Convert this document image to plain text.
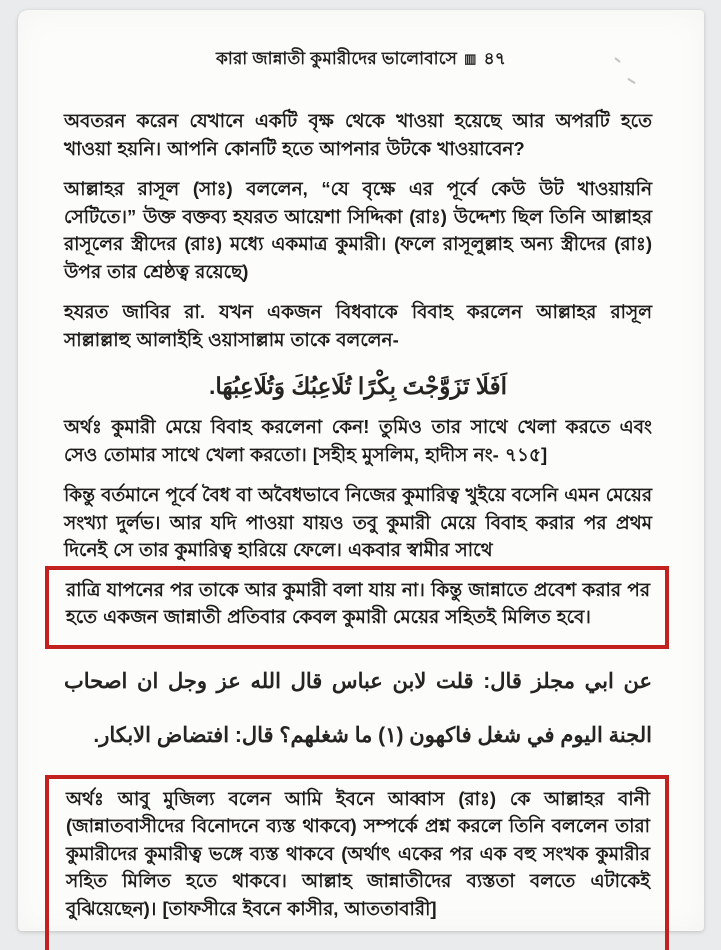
কারা জান্নাতী কুমারীদের ভালোবাসে ▥ ৪৭

অবতরন করেন যেখানে একটি বৃক্ষ থেকে খাওয়া হয়েছে আর অপরটি হতে খাওয়া হয়নি। আপনি কোনটি হতে আপনার উটকে খাওয়াবেন?

আল্লাহর রাসূল (সাঃ) বললেন, “যে বৃক্ষে এর পূর্বে কেউ উট খাওয়ায়নি সেটিতে।” উক্ত বক্তব্য হযরত আয়েশা সিদ্দিকা (রাঃ) উদ্দেশ্য ছিল তিনি আল্লাহর রাসূলের স্ত্রীদের (রাঃ) মধ্যে একমাত্র কুমারী। (ফলে রাসূলুল্লাহ অন্য স্ত্রীদের (রাঃ) উপর তার শ্রেষ্ঠত্ব রয়েছে)

হযরত জাবির রা. যখন একজন বিধবাকে বিবাহ করলেন আল্লাহর রাসূল সাল্লাল্লাহু আলাইহি ওয়াসাল্লাম তাকে বললেন-

اَفَلَا تَزَوَّجْتَ بِكْرًا تُلَاعِبُكَ وَتُلَاعِبُهَا.

অর্থঃ কুমারী মেয়ে বিবাহ করলেনা কেন! তুমিও তার সাথে খেলা করতে এবং সেও তোমার সাথে খেলা করতো। [সহীহ মুসলিম, হাদীস নং- ৭১৫]

কিন্তু বর্তমানে পূর্বে বৈধ বা অবৈধভাবে নিজের কুমারিত্ব খুইয়ে বসেনি এমন মেয়ের সংখ্যা দুর্লভ। আর যদি পাওয়া যায়ও তবু কুমারী মেয়ে বিবাহ করার পর প্রথম দিনেই সে তার কুমারিত্ব হারিয়ে ফেলে। একবার স্বামীর সাথে

রাত্রি যাপনের পর তাকে আর কুমারী বলা যায় না। কিন্তু জান্নাতে প্রবেশ করার পর হতে একজন জান্নাতী প্রতিবার কেবল কুমারী মেয়ের সহিতই মিলিত হবে।

عن ابي مجلز قال: قلت لابن عباس قال الله عز وجل ان اصحاب الجنة اليوم في شغل فاكهون (١) ما شغلهم؟ قال: افتضاض الابكار.

অর্থঃ আবু মুজিল্য বলেন আমি ইবনে আব্বাস (রাঃ) কে আল্লাহর বানী (জান্নাতবাসীদের বিনোদনে ব্যস্ত থাকবে) সম্পর্কে প্রশ্ন করলে তিনি বললেন তারা কুমারীদের কুমারীত্ব ভঙ্গে ব্যস্ত থাকবে (অর্থাৎ একের পর এক বহু সংখক কুমারীর সহিত মিলিত হতে থাকবে। আল্লাহ জান্নাতীদের ব্যস্ততা বলতে এটাকেই বুঝিয়েছেন)। [তাফসীরে ইবনে কাসীর, আততাবারী]
